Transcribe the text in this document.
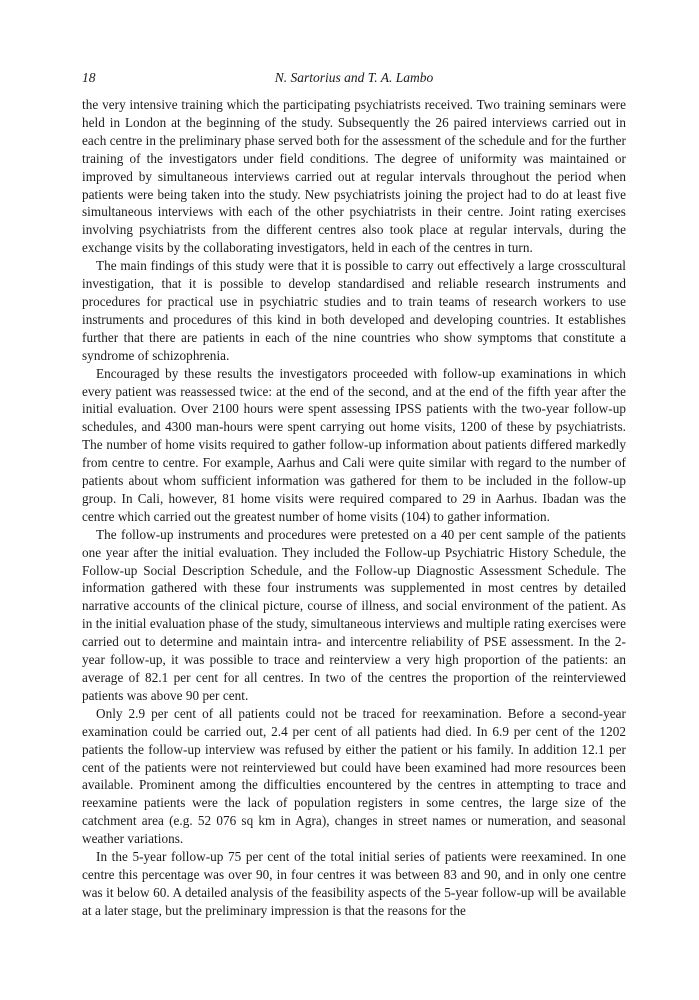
18	N. Sartorius and T. A. Lambo

the very intensive training which the participating psychiatrists received. Two training seminars were held in London at the beginning of the study. Subsequently the 26 paired interviews carried out in each centre in the preliminary phase served both for the assessment of the schedule and for the further training of the investigators under field conditions. The degree of uniformity was maintained or improved by simultaneous interviews carried out at regular intervals throughout the period when patients were being taken into the study. New psychiatrists joining the project had to do at least five simultaneous interviews with each of the other psychiatrists in their centre. Joint rating exercises involving psychiatrists from the different centres also took place at regular intervals, during the exchange visits by the collaborating investigators, held in each of the centres in turn.

The main findings of this study were that it is possible to carry out effectively a large crosscultural investigation, that it is possible to develop standardised and reliable research instruments and procedures for practical use in psychiatric studies and to train teams of research workers to use instruments and procedures of this kind in both developed and developing countries. It establishes further that there are patients in each of the nine countries who show symptoms that constitute a syndrome of schizophrenia.

Encouraged by these results the investigators proceeded with follow-up examinations in which every patient was reassessed twice: at the end of the second, and at the end of the fifth year after the initial evaluation. Over 2100 hours were spent assessing IPSS patients with the two-year follow-up schedules, and 4300 man-hours were spent carrying out home visits, 1200 of these by psychiatrists. The number of home visits required to gather follow-up information about patients differed markedly from centre to centre. For example, Aarhus and Cali were quite similar with regard to the number of patients about whom sufficient information was gathered for them to be included in the follow-up group. In Cali, however, 81 home visits were required compared to 29 in Aarhus. Ibadan was the centre which carried out the greatest number of home visits (104) to gather information.

The follow-up instruments and procedures were pretested on a 40 per cent sample of the patients one year after the initial evaluation. They included the Follow-up Psychiatric History Schedule, the Follow-up Social Description Schedule, and the Follow-up Diagnostic Assessment Schedule. The information gathered with these four instruments was supplemented in most centres by detailed narrative accounts of the clinical picture, course of illness, and social environment of the patient. As in the initial evaluation phase of the study, simultaneous interviews and multiple rating exercises were carried out to determine and maintain intra- and intercentre reliability of PSE assessment. In the 2-year follow-up, it was possible to trace and reinterview a very high proportion of the patients: an average of 82.1 per cent for all centres. In two of the centres the proportion of the reinterviewed patients was above 90 per cent.

Only 2.9 per cent of all patients could not be traced for reexamination. Before a second-year examination could be carried out, 2.4 per cent of all patients had died. In 6.9 per cent of the 1202 patients the follow-up interview was refused by either the patient or his family. In addition 12.1 per cent of the patients were not reinterviewed but could have been examined had more resources been available. Prominent among the difficulties encountered by the centres in attempting to trace and reexamine patients were the lack of population registers in some centres, the large size of the catchment area (e.g. 52 076 sq km in Agra), changes in street names or numeration, and seasonal weather variations.

In the 5-year follow-up 75 per cent of the total initial series of patients were reexamined. In one centre this percentage was over 90, in four centres it was between 83 and 90, and in only one centre was it below 60. A detailed analysis of the feasibility aspects of the 5-year follow-up will be available at a later stage, but the preliminary impression is that the reasons for the
